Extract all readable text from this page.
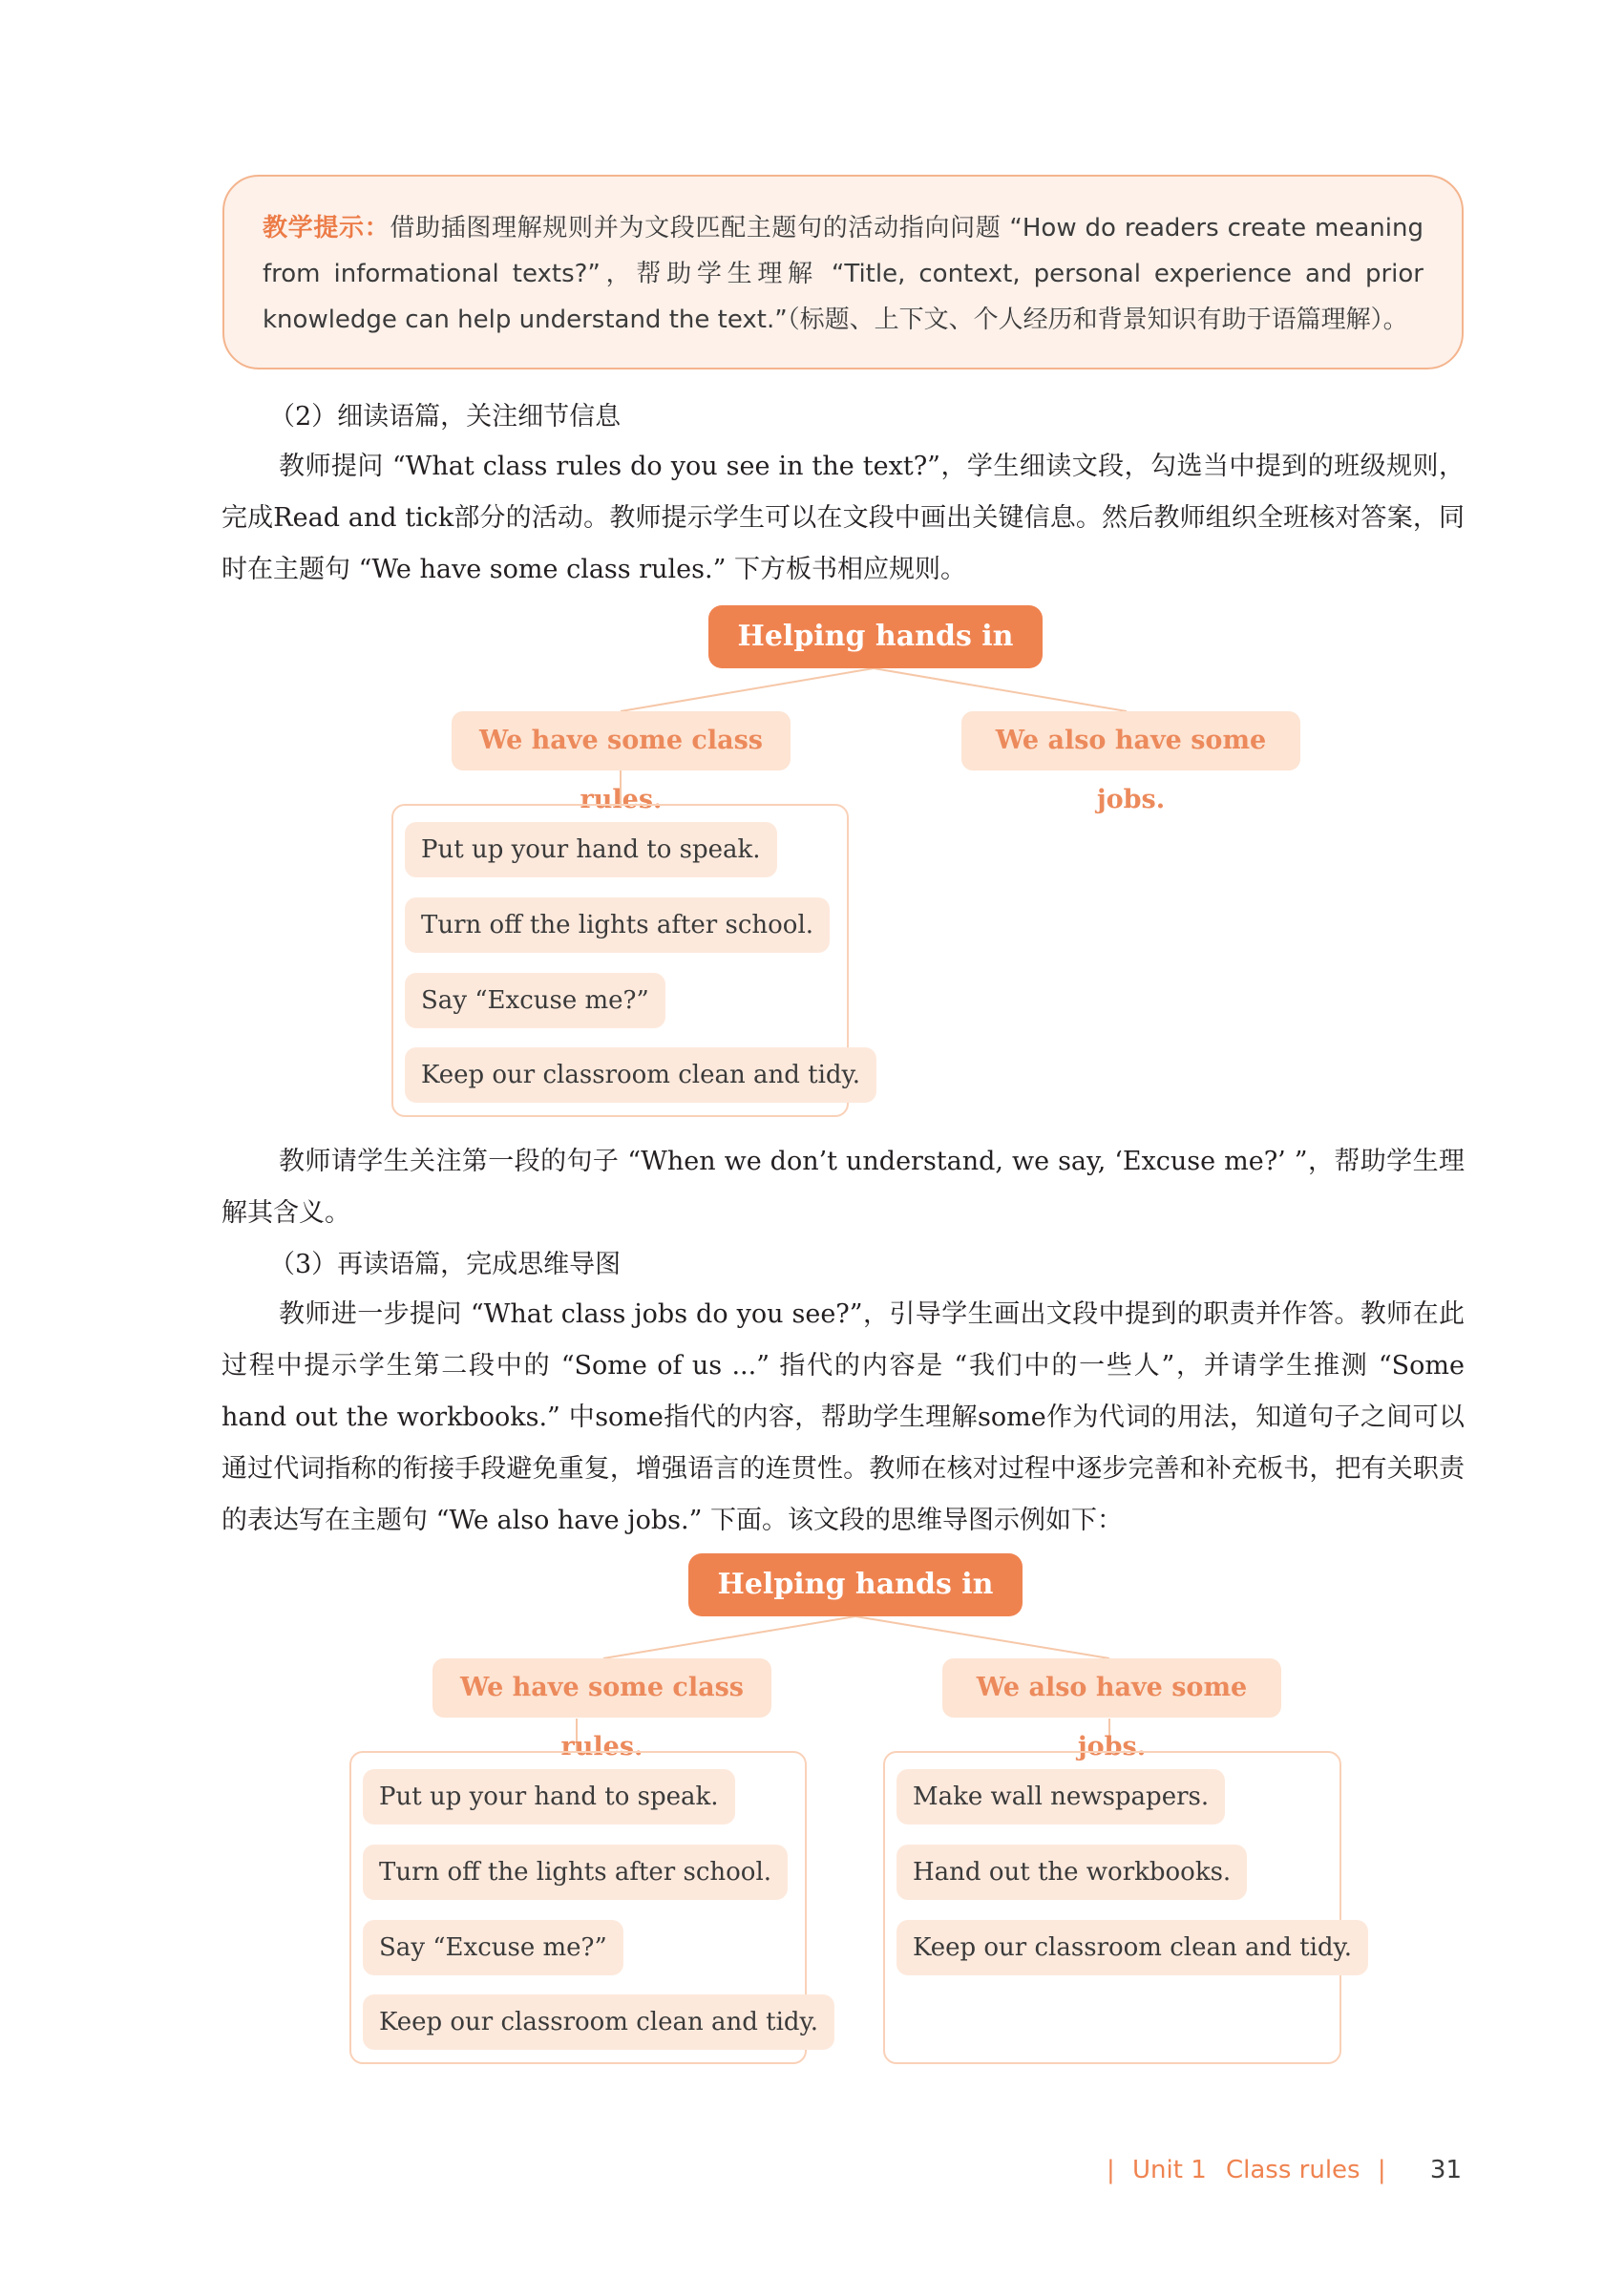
教学提示：借助插图理解规则并为文段匹配主题句的活动指向问题 “How do readers create meaning from informational texts?”，帮助学生理解 “Title, context, personal experience and prior knowledge can help understand the text.”（标题、上下文、个人经历和背景知识有助于语篇理解）。
（2）细读语篇，关注细节信息
教师提问 “What class rules do you see in the text?”，学生细读文段，勾选当中提到的班级规则，完成Read and tick部分的活动。教师提示学生可以在文段中画出关键信息。然后教师组织全班核对答案，同时在主题句 “We have some class rules.” 下方板书相应规则。
Helping hands in class
We have some class rules.
We also have some jobs.
Put up your hand to speak.
Turn off the lights after school.
Say “Excuse me?”
Keep our classroom clean and tidy.
教师请学生关注第一段的句子 “When we don’t understand, we say, ‘Excuse me?’ ”，帮助学生理解其含义。
（3）再读语篇，完成思维导图
教师进一步提问 “What class jobs do you see?”，引导学生画出文段中提到的职责并作答。教师在此过程中提示学生第二段中的 “Some of us ...” 指代的内容是 “我们中的一些人”，并请学生推测 “Some hand out the workbooks.” 中some指代的内容，帮助学生理解some作为代词的用法，知道句子之间可以通过代词指称的衔接手段避免重复，增强语言的连贯性。教师在核对过程中逐步完善和补充板书，把有关职责的表达写在主题句 “We also have jobs.” 下面。该文段的思维导图示例如下：
Helping hands in class
We have some class rules.
We also have some jobs.
Put up your hand to speak.
Turn off the lights after school.
Say “Excuse me?”
Keep our classroom clean and tidy.
Make wall newspapers.
Hand out the workbooks.
Keep our classroom clean and tidy.
| Unit 1 Class rules | 31
